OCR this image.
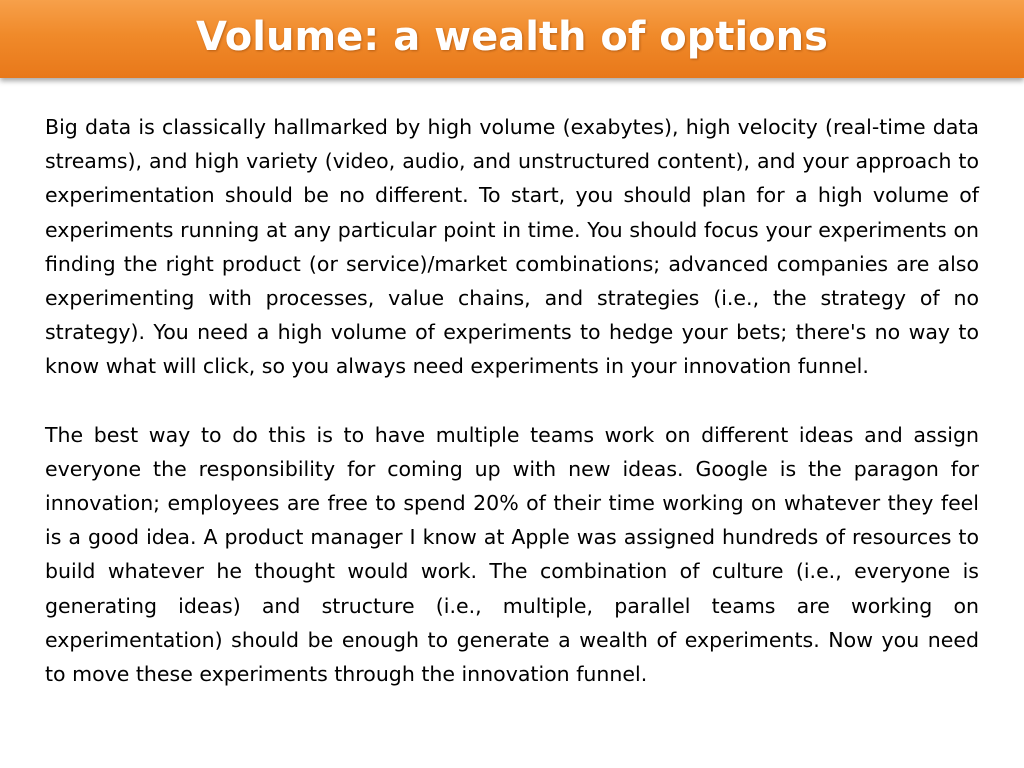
Volume: a wealth of options

Big data is classically hallmarked by high volume (exabytes), high velocity (real-time data streams), and high variety (video, audio, and unstructured content), and your approach to experimentation should be no different. To start, you should plan for a high volume of experiments running at any particular point in time. You should focus your experiments on finding the right product (or service)/market combinations; advanced companies are also experimenting with processes, value chains, and strategies (i.e., the strategy of no strategy). You need a high volume of experiments to hedge your bets; there's no way to know what will click, so you always need experiments in your innovation funnel.

The best way to do this is to have multiple teams work on different ideas and assign everyone the responsibility for coming up with new ideas. Google is the paragon for innovation; employees are free to spend 20% of their time working on whatever they feel is a good idea. A product manager I know at Apple was assigned hundreds of resources to build whatever he thought would work. The combination of culture (i.e., everyone is generating ideas) and structure (i.e., multiple, parallel teams are working on experimentation) should be enough to generate a wealth of experiments. Now you need to move these experiments through the innovation funnel.
